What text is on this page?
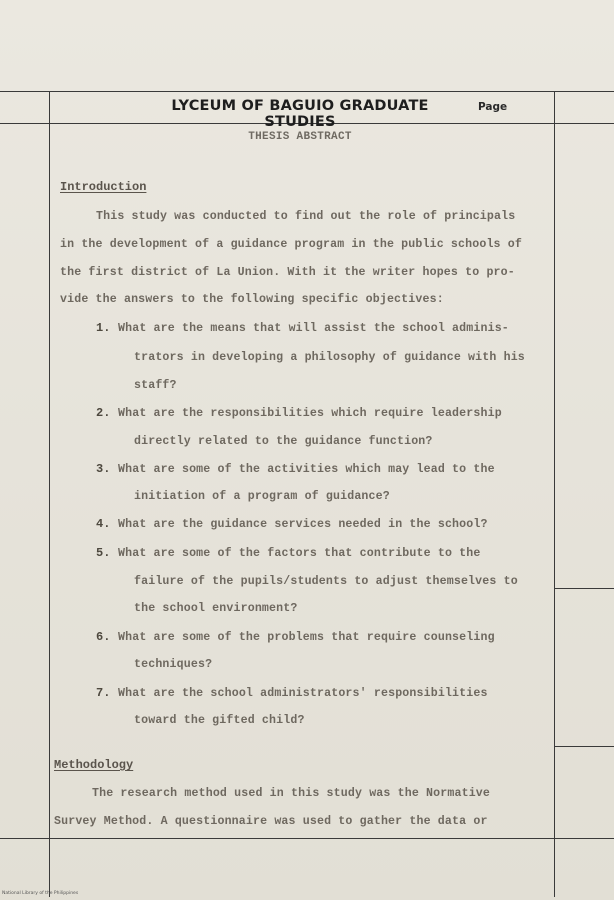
LYCEUM OF BAGUIO GRADUATE STUDIES
Page
THESIS ABSTRACT
Introduction
This study was conducted to find out the role of principals
in the development of a guidance program in the public schools of
the first district of La Union. With it the writer hopes to pro-
vide the answers to the following specific objectives:
1. What are the means that will assist the school adminis-
trators in developing a philosophy of guidance with his
staff?
2. What are the responsibilities which require leadership
directly related to the guidance function?
3. What are some of the activities which may lead to the
initiation of a program of guidance?
4. What are the guidance services needed in the school?
5. What are some of the factors that contribute to the
failure of the pupils/students to adjust themselves to
the school environment?
6. What are some of the problems that require counseling
techniques?
7. What are the school administrators' responsibilities
toward the gifted child?
Methodology
The research method used in this study was the Normative
Survey Method. A questionnaire was used to gather the data or
National Library of the Philippines
